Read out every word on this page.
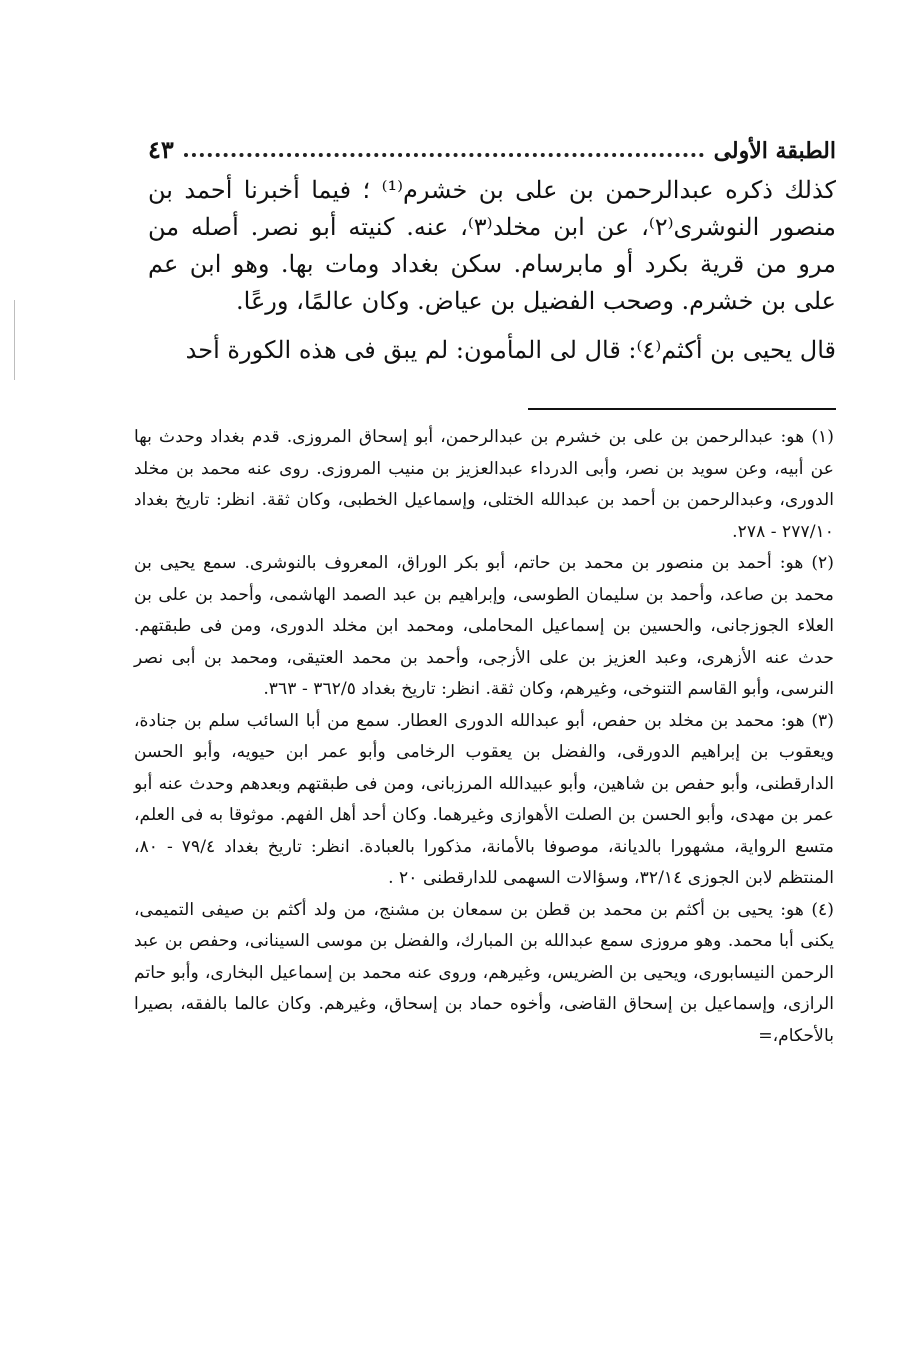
الطبقة الأولى
٤٣

كذلك ذكره عبدالرحمن بن على بن خشرم⁽¹⁾ ؛ فيما أخبرنا أحمد بن منصور النوشرى⁽٢⁾، عن ابن مخلد⁽٣⁾، عنه. كنيته أبو نصر. أصله من مرو من قرية بكرد أو مابرسام. سكن بغداد ومات بها. وهو ابن عم على بن خشرم. وصحب الفضيل بن عياض. وكان عالمًا، ورعًا.

قال يحيى بن أكثم⁽٤⁾: قال لى المأمون: لم يبق فى هذه الكورة أحد

(١) هو: عبدالرحمن بن على بن خشرم بن عبدالرحمن، أبو إسحاق المروزى. قدم بغداد وحدث بها عن أبيه، وعن سويد بن نصر، وأبى الدرداء عبدالعزيز بن منيب المروزى. روى عنه محمد بن مخلد الدورى، وعبدالرحمن بن أحمد بن عبدالله الختلى، وإسماعيل الخطبى، وكان ثقة. انظر: تاريخ بغداد ٢٧٧/١٠ - ٢٧٨.

(٢) هو: أحمد بن منصور بن محمد بن حاتم، أبو بكر الوراق، المعروف بالنوشرى. سمع يحيى بن محمد بن صاعد، وأحمد بن سليمان الطوسى، وإبراهيم بن عبد الصمد الهاشمى، وأحمد بن على بن العلاء الجوزجانى، والحسين بن إسماعيل المحاملى، ومحمد ابن مخلد الدورى، ومن فى طبقتهم. حدث عنه الأزهرى، وعبد العزيز بن على الأزجى، وأحمد بن محمد العتيقى، ومحمد بن أبى نصر النرسى، وأبو القاسم التنوخى، وغيرهم، وكان ثقة. انظر: تاريخ بغداد ٣٦٢/٥ - ٣٦٣.

(٣) هو: محمد بن مخلد بن حفص، أبو عبدالله الدورى العطار. سمع من أبا السائب سلم بن جنادة، ويعقوب بن إبراهيم الدورقى، والفضل بن يعقوب الرخامى وأبو عمر ابن حيويه، وأبو الحسن الدارقطنى، وأبو حفص بن شاهين، وأبو عبيدالله المرزبانى، ومن فى طبقتهم وبعدهم وحدث عنه أبو عمر بن مهدى، وأبو الحسن بن الصلت الأهوازى وغيرهما. وكان أحد أهل الفهم. موثوقا به فى العلم، متسع الرواية، مشهورا بالديانة، موصوفا بالأمانة، مذكورا بالعبادة. انظر: تاريخ بغداد ٧٩/٤ - ٨٠، المنتظم لابن الجوزى ٣٢/١٤، وسؤالات السهمى للدارقطنى ٢٠ .

(٤) هو: يحيى بن أكثم بن محمد بن قطن بن سمعان بن مشنج، من ولد أكثم بن صيفى التميمى، يكنى أبا محمد. وهو مروزى سمع عبدالله بن المبارك، والفضل بن موسى السينانى، وحفص بن عبد الرحمن النيسابورى، ويحيى بن الضريس، وغيرهم، وروى عنه محمد بن إسماعيل البخارى، وأبو حاتم الرازى، وإسماعيل بن إسحاق القاضى، وأخوه حماد بن إسحاق، وغيرهم. وكان عالما بالفقه، بصيرا بالأحكام،=
